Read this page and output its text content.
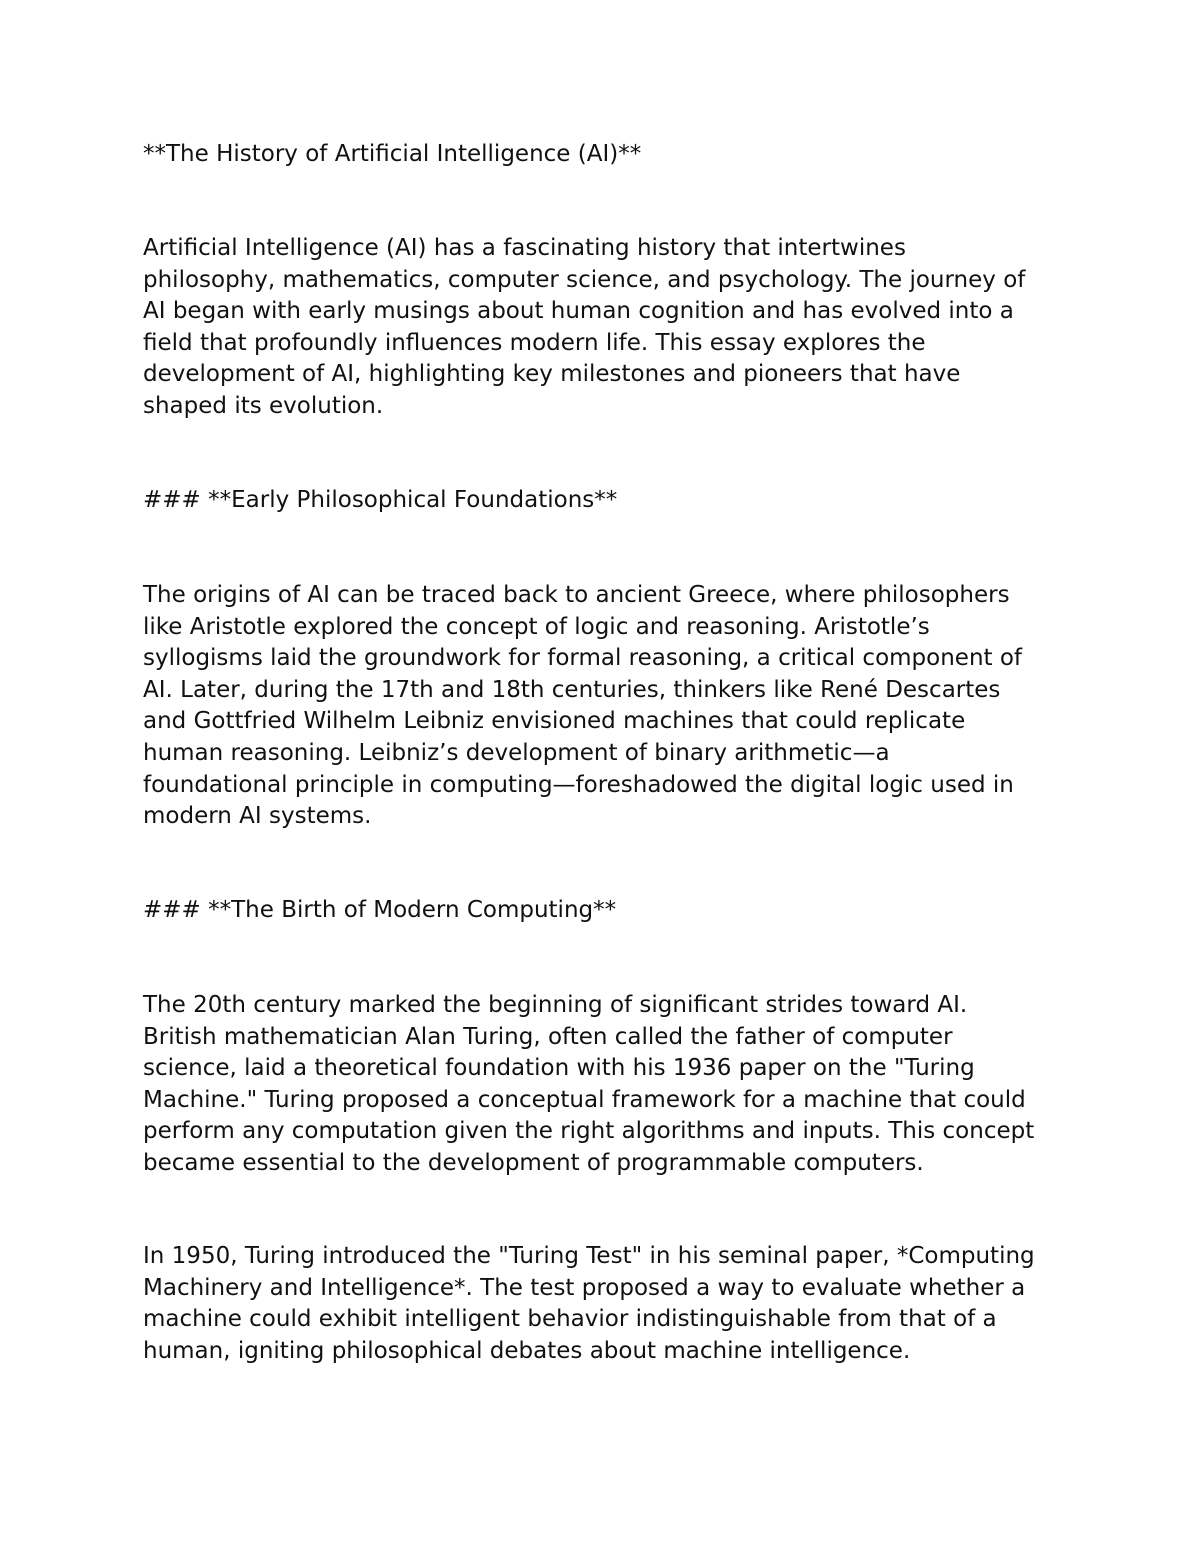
**The History of Artificial Intelligence (AI)**

Artificial Intelligence (AI) has a fascinating history that intertwines
philosophy, mathematics, computer science, and psychology. The journey of
AI began with early musings about human cognition and has evolved into a
field that profoundly influences modern life. This essay explores the
development of AI, highlighting key milestones and pioneers that have
shaped its evolution.

### **Early Philosophical Foundations**

The origins of AI can be traced back to ancient Greece, where philosophers
like Aristotle explored the concept of logic and reasoning. Aristotle’s
syllogisms laid the groundwork for formal reasoning, a critical component of
AI. Later, during the 17th and 18th centuries, thinkers like René Descartes
and Gottfried Wilhelm Leibniz envisioned machines that could replicate
human reasoning. Leibniz’s development of binary arithmetic—a
foundational principle in computing—foreshadowed the digital logic used in
modern AI systems.

### **The Birth of Modern Computing**

The 20th century marked the beginning of significant strides toward AI.
British mathematician Alan Turing, often called the father of computer
science, laid a theoretical foundation with his 1936 paper on the "Turing
Machine." Turing proposed a conceptual framework for a machine that could
perform any computation given the right algorithms and inputs. This concept
became essential to the development of programmable computers.

In 1950, Turing introduced the "Turing Test" in his seminal paper, *Computing
Machinery and Intelligence*. The test proposed a way to evaluate whether a
machine could exhibit intelligent behavior indistinguishable from that of a
human, igniting philosophical debates about machine intelligence.
